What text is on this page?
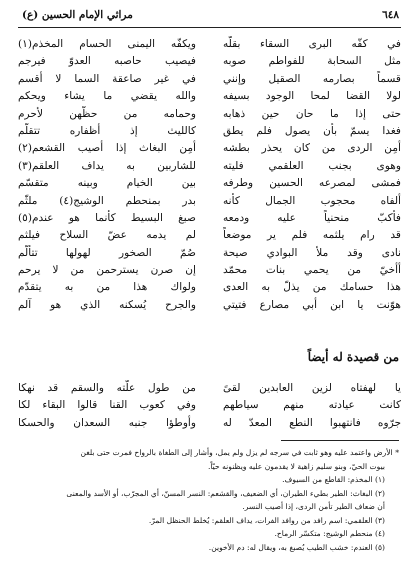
٦٤٨
مراثي الإمام الحسين (ع)
في كفّه البرى السقاء بقلّه
ويكفّه اليمنى الحسام المخذم(١)
مثل السحابة للفواطم صوبه
فيصيب حاصبه العدوّ فيرجم
قسماً بصارمه الصقيل وإنني
في غير صاعقة السما لا أقسم
لولا القضا لمحا الوجود بسيفه
والله يقضي ما يشاء ويحكم
حتى إذا ما حان حين ذهابه
وحمامه من حظّهن لأحرم
فغدا يسمّ بأن يصول فلم يطق
كالليث إذ أظفاره تتقلّم
أمِن الردى من كان يحذر بطشه
أمِن البغاث إذا أصيب القشعم(٢)
وهوى بجنب العلقمي فليته
للشاربين به يداف العلقم(٣)
فمشى لمصرعه الحسين وطرفه
بين الخيام وبينه متقسّم
ألفاه محجوب الجمال كأنه
بدر بمنحطم الوشيج(٤) ملثّم
فأكبّ منحنياً عليه ودمعه
صبغ البسيط كأنما هو عندم(٥)
قد رام يلثمه فلم ير موضعاً
لم يدمه عضّ السلاح فيلثم
نادى وقد ملأ البوادي صيحة
صُمّ الصخور لهولها تتألّم
أأخيّ من يحمي بنات محمّد
إن صرن يسترحمن من لا يرحم
هذا حسامك من يذلّ به العدى
ولواك هذا من به يتقدّم
هوّنت يا ابن أبي مصارع فتيتي
والجرح يُسكنه الذي هو آلم
من قصيدة له أيضاً
يا لهفتاه لزين العابدين لقىً
من طول علّته والسقم قد نهكا
كانت عيادته منهم سياطهم
وفي كعوب القنا قالوا البقاء لكا
جرّوه فانتهبوا النطع المعدّ له
وأوطؤا جنبه السعدان والحسكا
* الأرض واعتمد عليه وهو ثابت في سرجه لم يزل ولم يمل، وأشار إلى الطغاة بالرواح فمرت حتى بلغن
بيوت الحيّ، وبنو سليم زاهية لا يقدمون عليه ويظنونه حيّاً.
(١) المخذم: القاطع من السيوف.
(٢) البغاث: الطير بطيء الطيران، أي الضعيف، والقشعم: النسر المسنّ، أي المجرّب، أو الأسد والمعنى
أن ضعاف الطير تأمن الردى، إذا أصيب النسر.
(٣) العلقمي: اسم رافد من روافد الفرات، يداف العلقم: يُخلط الحنظل المرّ.
(٤) منحطم الوشيج: متكسّر الرماح.
(٥) العندم: خشب الطيب يُصبغ به، ويقال له: دم الأخوين.
